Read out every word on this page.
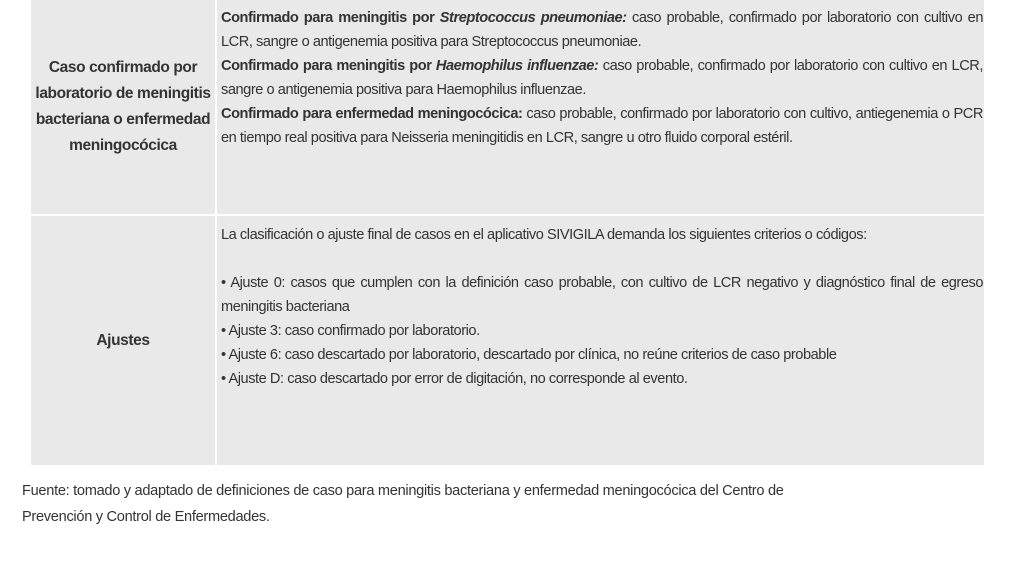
Caso confirmado por laboratorio de meningitis bacteriana o enfermedad meningocócica

Confirmado para meningitis por Streptococcus pneumoniae: caso probable, confirmado por laboratorio con cultivo en LCR, sangre o antigenemia positiva para Streptococcus pneumoniae.

Confirmado para meningitis por Haemophilus influenzae: caso probable, confirmado por laboratorio con cultivo en LCR, sangre o antigenemia positiva para Haemophilus influenzae.

Confirmado para enfermedad meningocócica: caso probable, confirmado por laboratorio con cultivo, antiegenemia o PCR en tiempo real positiva para Neisseria meningitidis en LCR, sangre u otro fluido corporal estéril.

Ajustes

La clasificación o ajuste final de casos en el aplicativo SIVIGILA demanda los siguientes criterios o códigos:

• Ajuste 0: casos que cumplen con la definición caso probable, con cultivo de LCR negativo y diagnóstico final de egreso meningitis bacteriana

• Ajuste 3: caso confirmado por laboratorio.

• Ajuste 6: caso descartado por laboratorio, descartado por clínica, no reúne criterios de caso probable

• Ajuste D: caso descartado por error de digitación, no corresponde al evento.

Fuente: tomado y adaptado de definiciones de caso para meningitis bacteriana y enfermedad meningocócica del Centro de

Prevención y Control de Enfermedades.
